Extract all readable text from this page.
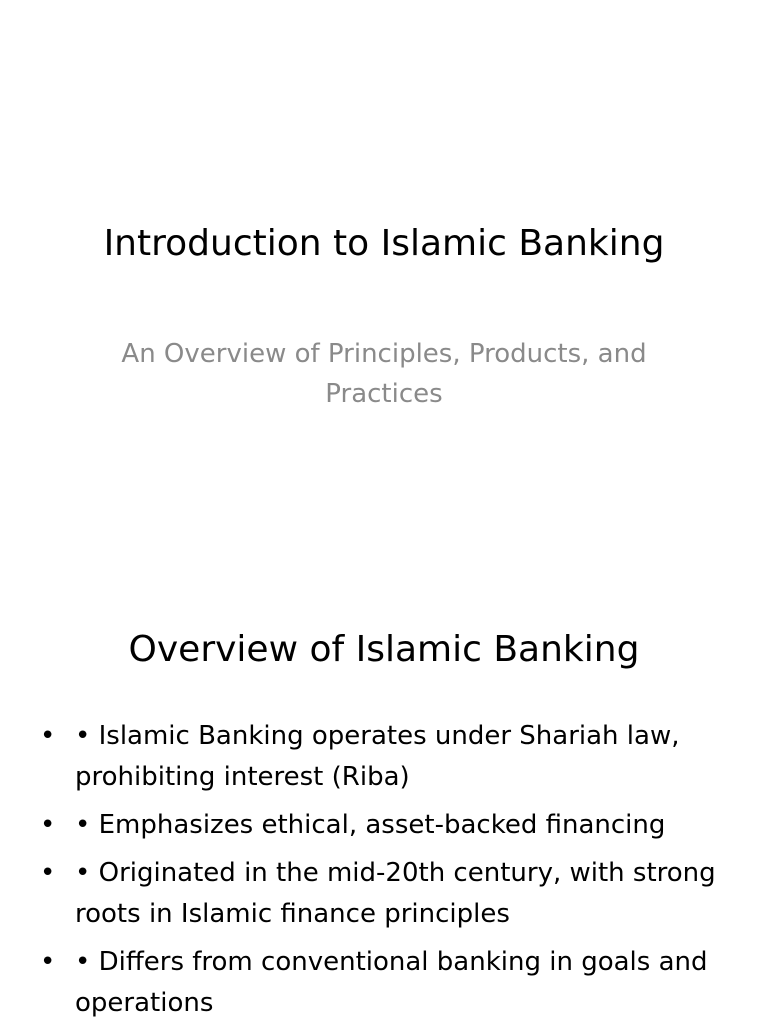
Introduction to Islamic Banking

An Overview of Principles, Products, and Practices

Overview of Islamic Banking
• • Islamic Banking operates under Shariah law, prohibiting interest (Riba)
• • Emphasizes ethical, asset-backed financing
• • Originated in the mid-20th century, with strong roots in Islamic finance principles
• • Differs from conventional banking in goals and operations
